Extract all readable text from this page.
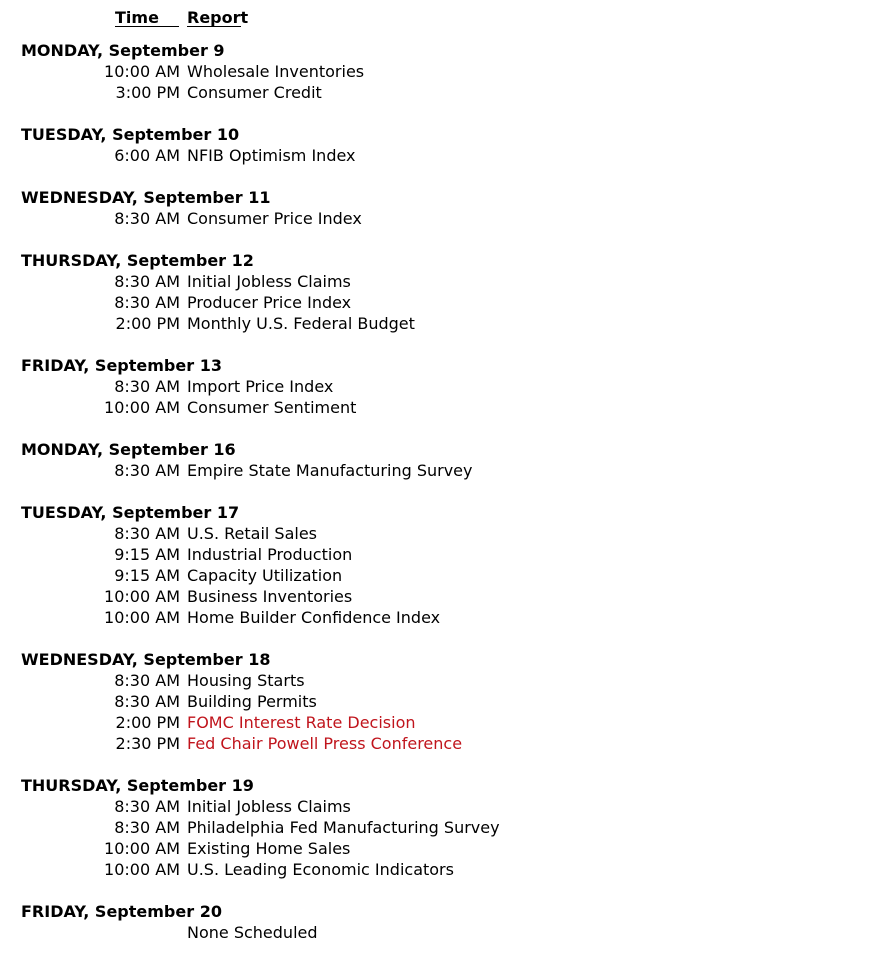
Time	Report
MONDAY, September 9
10:00 AM Wholesale Inventories
3:00 PM Consumer Credit
TUESDAY, September 10
6:00 AM NFIB Optimism Index
WEDNESDAY, September 11
8:30 AM Consumer Price Index
THURSDAY, September 12
8:30 AM Initial Jobless Claims
8:30 AM Producer Price Index
2:00 PM Monthly U.S. Federal Budget
FRIDAY, September 13
8:30 AM Import Price Index
10:00 AM Consumer Sentiment
MONDAY, September 16
8:30 AM Empire State Manufacturing Survey
TUESDAY, September 17
8:30 AM U.S. Retail Sales
9:15 AM Industrial Production
9:15 AM Capacity Utilization
10:00 AM Business Inventories
10:00 AM Home Builder Confidence Index
WEDNESDAY, September 18
8:30 AM Housing Starts
8:30 AM Building Permits
2:00 PM FOMC Interest Rate Decision
2:30 PM Fed Chair Powell Press Conference
THURSDAY, September 19
8:30 AM Initial Jobless Claims
8:30 AM Philadelphia Fed Manufacturing Survey
10:00 AM Existing Home Sales
10:00 AM U.S. Leading Economic Indicators
FRIDAY, September 20
None Scheduled
